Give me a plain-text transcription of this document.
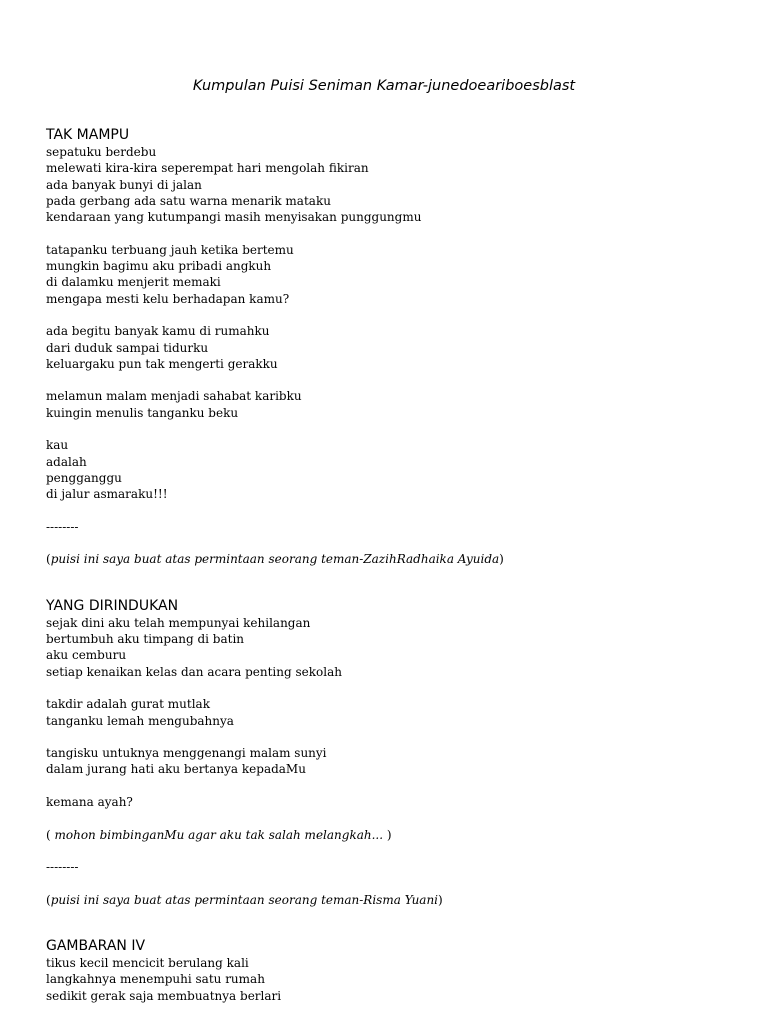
Kumpulan Puisi Seniman Kamar-junedoeariboesblast
TAK MAMPU
sepatuku berdebu
melewati kira-kira seperempat hari mengolah fikiran
ada banyak bunyi di jalan
pada gerbang ada satu warna menarik mataku
kendaraan yang kutumpangi masih menyisakan punggungmu
tatapanku terbuang jauh ketika bertemu
mungkin bagimu aku pribadi angkuh
di dalamku menjerit memaki
mengapa mesti kelu berhadapan kamu?
ada begitu banyak kamu di rumahku
dari duduk sampai tidurku
keluargaku pun tak mengerti gerakku
melamun malam menjadi sahabat karibku
kuingin menulis tanganku beku
kau
adalah
pengganggu
di jalur asmaraku!!!
--------
(puisi ini saya buat atas permintaan seorang teman-ZazihRadhaika Ayuida)
YANG DIRINDUKAN
sejak dini aku telah mempunyai kehilangan
bertumbuh aku timpang di batin
aku cemburu
setiap kenaikan kelas dan acara penting sekolah
takdir adalah gurat mutlak
tanganku lemah mengubahnya
tangisku untuknya menggenangi malam sunyi
dalam jurang hati aku bertanya kepadaMu
kemana ayah?
( mohon bimbinganMu agar aku tak salah melangkah... )
--------
(puisi ini saya buat atas permintaan seorang teman-Risma Yuani)
GAMBARAN IV
tikus kecil mencicit berulang kali
langkahnya menempuhi satu rumah
sedikit gerak saja membuatnya berlari
